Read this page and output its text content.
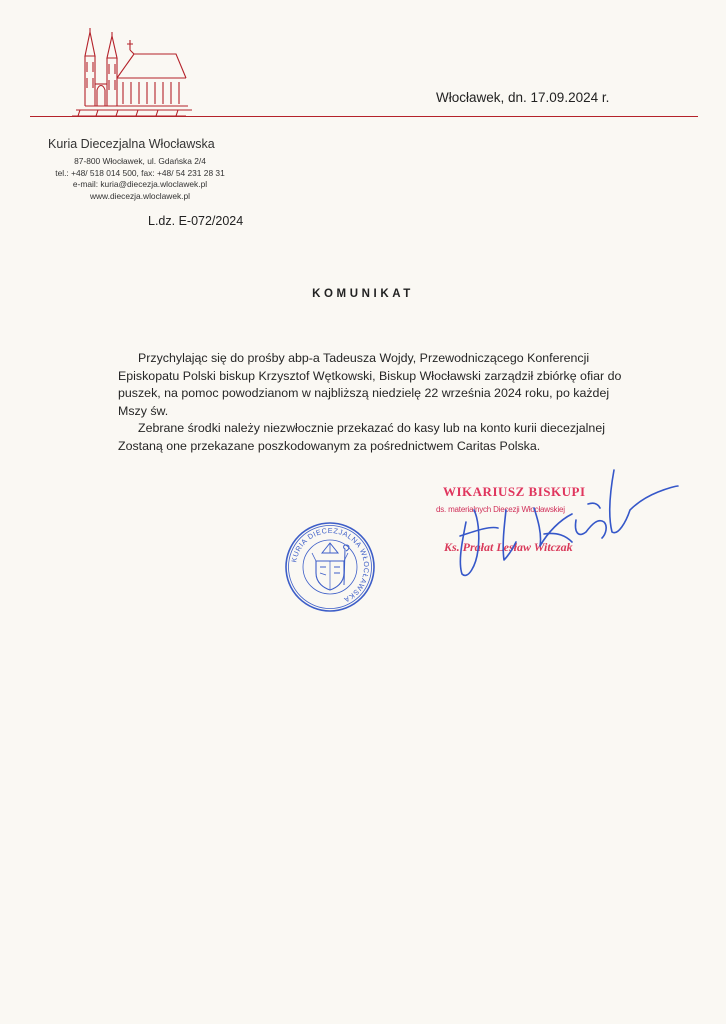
Włocławek, dn. 17.09.2024 r.
Kuria Diecezjalna Włocławska
87-800 Włocławek, ul. Gdańska 2/4
tel.: +48/ 518 014 500, fax: +48/ 54 231 28 31
e-mail: kuria@diecezja.wloclawek.pl
www.diecezja.wloclawek.pl
L.dz. E-072/2024
KOMUNIKAT

Przychylając się do prośby abp-a Tadeusza Wojdy, Przewodniczącego Konferencji Episkopatu Polski biskup Krzysztof Wętkowski, Biskup Włocławski zarządził zbiórkę ofiar do puszek, na pomoc powodzianom w najbliższą niedzielę 22 września 2024 roku, po każdej Mszy św.

Zebrane środki należy niezwłocznie przekazać do kasy lub na konto kurii diecezjalnej Zostaną one przekazane poszkodowanym za pośrednictwem Caritas Polska.

KURIA DIECEZJALNA WŁOCŁAWSKA
WIKARIUSZ BISKUPI
ds. materialnych Diecezji Włocławskiej
Ks. Prałat Lesław Witczak
